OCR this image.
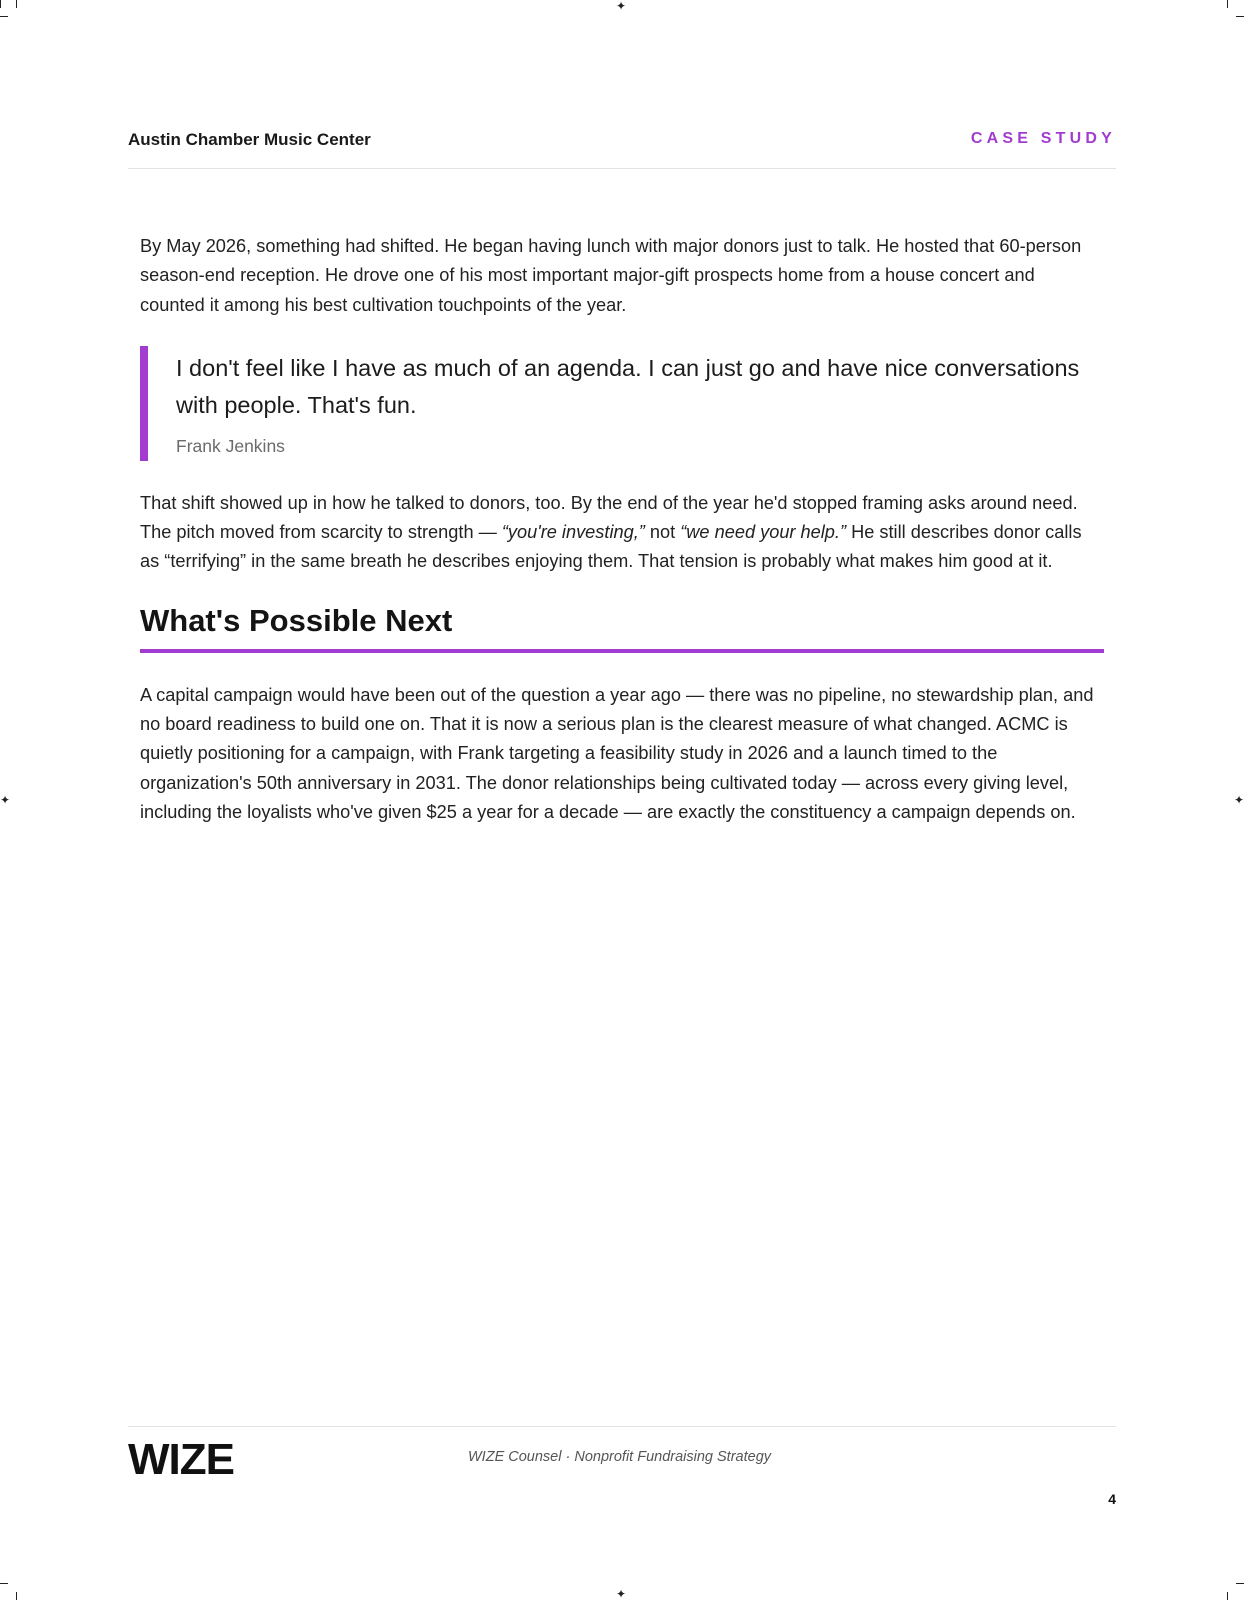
✦
✦
✦	✦
Austin Chamber Music Center	CASE STUDY

By May 2026, something had shifted. He began having lunch with major donors just to talk. He hosted that 60-person season-end reception. He drove one of his most important major-gift prospects home from a house concert and counted it among his best cultivation touchpoints of the year.

I don't feel like I have as much of an agenda. I can just go and have nice conversations with people. That's fun.

Frank Jenkins

That shift showed up in how he talked to donors, too. By the end of the year he'd stopped framing asks around need. The pitch moved from scarcity to strength — “you're investing,” not “we need your help.” He still describes donor calls as “terrifying” in the same breath he describes enjoying them. That tension is probably what makes him good at it.

What's Possible Next

A capital campaign would have been out of the question a year ago — there was no pipeline, no stewardship plan, and no board readiness to build one on. That it is now a serious plan is the clearest measure of what changed. ACMC is quietly positioning for a campaign, with Frank targeting a feasibility study in 2026 and a launch timed to the organization's 50th anniversary in 2031. The donor relationships being cultivated today — across every giving level, including the loyalists who've given $25 a year for a decade — are exactly the constituency a campaign depends on.

WIZE	WIZE Counsel · Nonprofit Fundraising Strategy
4
